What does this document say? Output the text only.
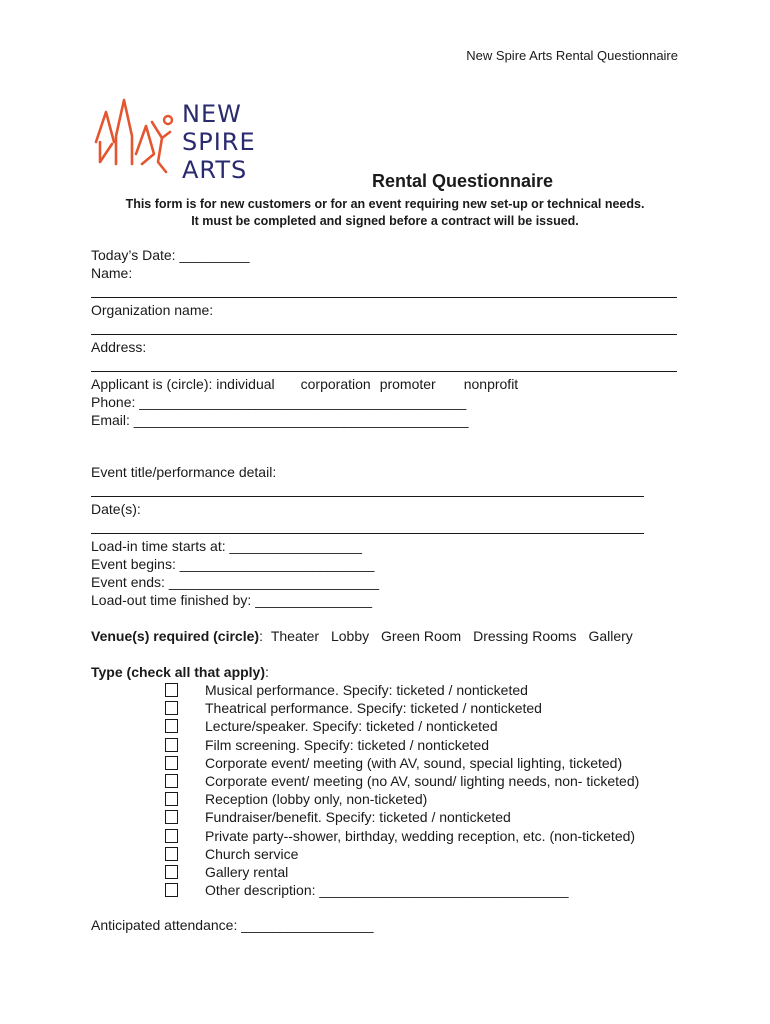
New Spire Arts Rental Questionnaire
NEW
SPIRE
ARTS	Rental Questionnaire
This form is for new customers or for an event requiring new set-up or technical needs.
It must be completed and signed before a contract will be issued.
Today’s Date: _________
Name:
Organization name:
Address:
Applicant is (circle): individual corporation promoter nonprofit
Phone: __________________________________________
Email: ___________________________________________
Event title/performance detail:
Date(s):
Load-in time starts at: _________________
Event begins: _________________________
Event ends: ___________________________
Load-out time finished by: _______________
Venue(s) required (circle): Theater Lobby Green Room Dressing Rooms Gallery
Type (check all that apply):
Musical performance. Specify: ticketed / nonticketed
Theatrical performance. Specify: ticketed / nonticketed
Lecture/speaker. Specify: ticketed / nonticketed
Film screening. Specify: ticketed / nonticketed
Corporate event/ meeting (with AV, sound, special lighting, ticketed)
Corporate event/ meeting (no AV, sound/ lighting needs, non- ticketed)
Reception (lobby only, non-ticketed)
Fundraiser/benefit. Specify: ticketed / nonticketed
Private party--shower, birthday, wedding reception, etc. (non-ticketed)
Church service
Gallery rental
Other description: ________________________________
Anticipated attendance: _________________
